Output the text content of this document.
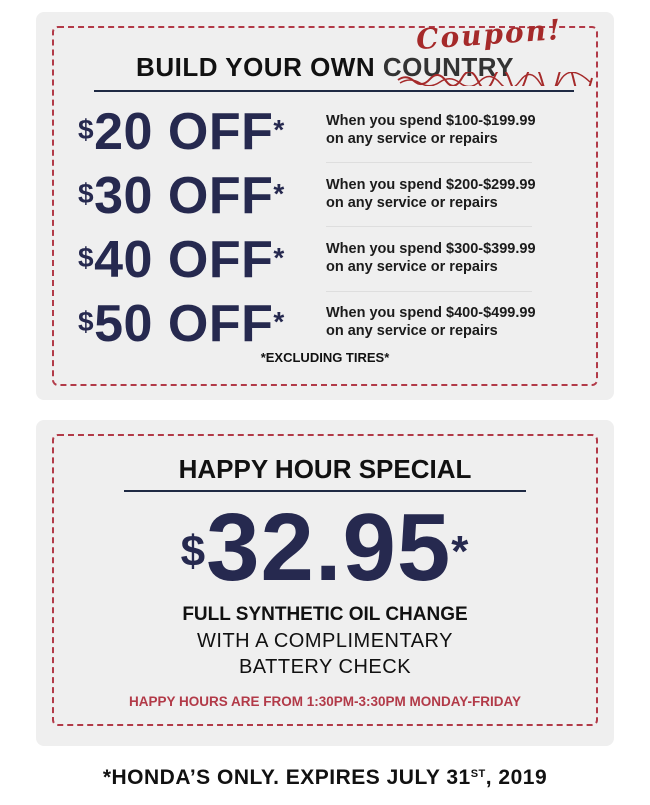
BUILD YOUR OWN COUNTRY
Coupon!
$20 OFF*	When you spend $100-$199.99
on any service or repairs
$30 OFF*	When you spend $200-$299.99
on any service or repairs
$40 OFF*	When you spend $300-$399.99
on any service or repairs
$50 OFF*	When you spend $400-$499.99
on any service or repairs
*EXCLUDING TIRES*
HAPPY HOUR SPECIAL
$32.95*
FULL SYNTHETIC OIL CHANGE
WITH A COMPLIMENTARY
BATTERY CHECK
HAPPY HOURS ARE FROM 1:30PM-3:30PM MONDAY-FRIDAY
*HONDA’S ONLY. EXPIRES JULY 31ST, 2019
